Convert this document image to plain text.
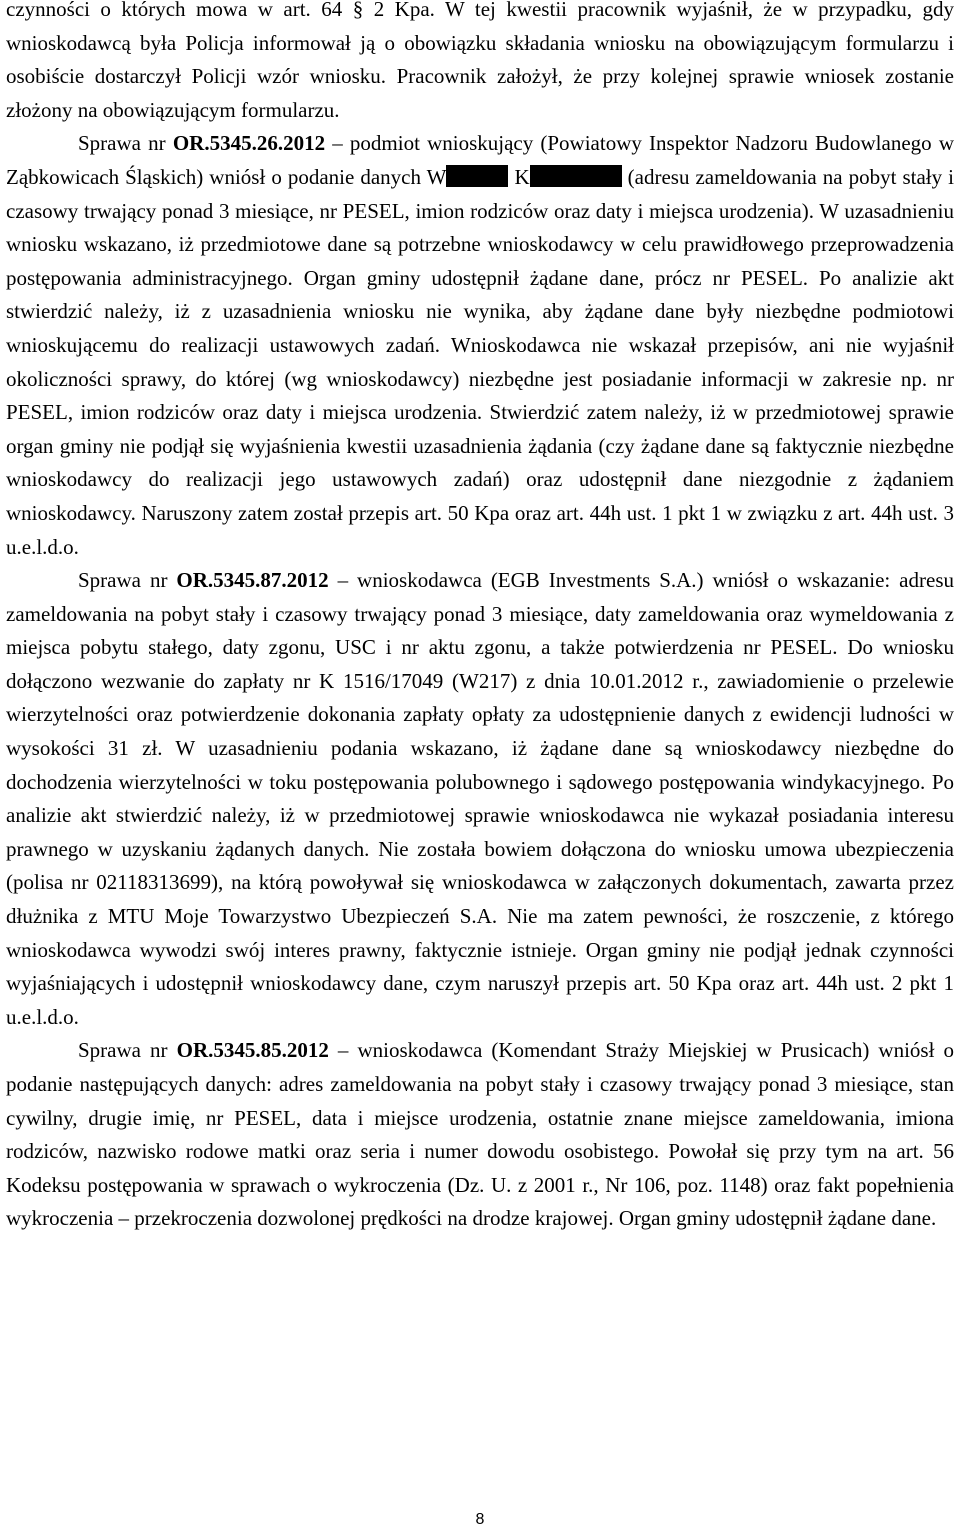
czynności o których mowa w art. 64 § 2 Kpa. W tej kwestii pracownik wyjaśnił, że w przypadku, gdy wnioskodawcą była Policja informował ją o obowiązku składania wniosku na obowiązującym formularzu i osobiście dostarczył Policji wzór wniosku. Pracownik założył, że przy kolejnej sprawie wniosek zostanie złożony na obowiązującym formularzu.

Sprawa nr OR.5345.26.2012 – podmiot wnioskujący (Powiatowy Inspektor Nadzoru Budowlanego w Ząbkowicach Śląskich) wniósł o podanie danych W	K	(adresu zameldowania na pobyt stały i czasowy trwający ponad 3 miesiące, nr PESEL, imion rodziców oraz daty i miejsca urodzenia). W uzasadnieniu wniosku wskazano, iż przedmiotowe dane są potrzebne wnioskodawcy w celu prawidłowego przeprowadzenia postępowania administracyjnego. Organ gminy udostępnił żądane dane, prócz nr PESEL. Po analizie akt stwierdzić należy, iż z uzasadnienia wniosku nie wynika, aby żądane dane były niezbędne podmiotowi wnioskującemu do realizacji ustawowych zadań. Wnioskodawca nie wskazał przepisów, ani nie wyjaśnił okoliczności sprawy, do której (wg wnioskodawcy) niezbędne jest posiadanie informacji w zakresie np. nr PESEL, imion rodziców oraz daty i miejsca urodzenia. Stwierdzić zatem należy, iż w przedmiotowej sprawie organ gminy nie podjął się wyjaśnienia kwestii uzasadnienia żądania (czy żądane dane są faktycznie niezbędne wnioskodawcy do realizacji jego ustawowych zadań) oraz udostępnił dane niezgodnie z żądaniem wnioskodawcy. Naruszony zatem został przepis art. 50 Kpa oraz art. 44h ust. 1 pkt 1 w związku z art. 44h ust. 3 u.e.l.d.o.

Sprawa nr OR.5345.87.2012 – wnioskodawca (EGB Investments S.A.) wniósł o wskazanie: adresu zameldowania na pobyt stały i czasowy trwający ponad 3 miesiące, daty zameldowania oraz wymeldowania z miejsca pobytu stałego, daty zgonu, USC i nr aktu zgonu, a także potwierdzenia nr PESEL. Do wniosku dołączono wezwanie do zapłaty nr K 1516/17049 (W217) z dnia 10.01.2012 r., zawiadomienie o przelewie wierzytelności oraz potwierdzenie dokonania zapłaty opłaty za udostępnienie danych z ewidencji ludności w wysokości 31 zł. W uzasadnieniu podania wskazano, iż żądane dane są wnioskodawcy niezbędne do dochodzenia wierzytelności w toku postępowania polubownego i sądowego postępowania windykacyjnego. Po analizie akt stwierdzić należy, iż w przedmiotowej sprawie wnioskodawca nie wykazał posiadania interesu prawnego w uzyskaniu żądanych danych. Nie została bowiem dołączona do wniosku umowa ubezpieczenia (polisa nr 02118313699), na którą powoływał się wnioskodawca w załączonych dokumentach, zawarta przez dłużnika z MTU Moje Towarzystwo Ubezpieczeń S.A. Nie ma zatem pewności, że roszczenie, z którego wnioskodawca wywodzi swój interes prawny, faktycznie istnieje. Organ gminy nie podjął jednak czynności wyjaśniających i udostępnił wnioskodawcy dane, czym naruszył przepis art. 50 Kpa oraz art. 44h ust. 2 pkt 1 u.e.l.d.o.

Sprawa nr OR.5345.85.2012 – wnioskodawca (Komendant Straży Miejskiej w Prusicach) wniósł o podanie następujących danych: adres zameldowania na pobyt stały i czasowy trwający ponad 3 miesiące, stan cywilny, drugie imię, nr PESEL, data i miejsce urodzenia, ostatnie znane miejsce zameldowania, imiona rodziców, nazwisko rodowe matki oraz seria i numer dowodu osobistego. Powołał się przy tym na art. 56 Kodeksu postępowania w sprawach o wykroczenia (Dz. U. z 2001 r., Nr 106, poz. 1148) oraz fakt popełnienia wykroczenia – przekroczenia dozwolonej prędkości na drodze krajowej. Organ gminy udostępnił żądane dane.

8
